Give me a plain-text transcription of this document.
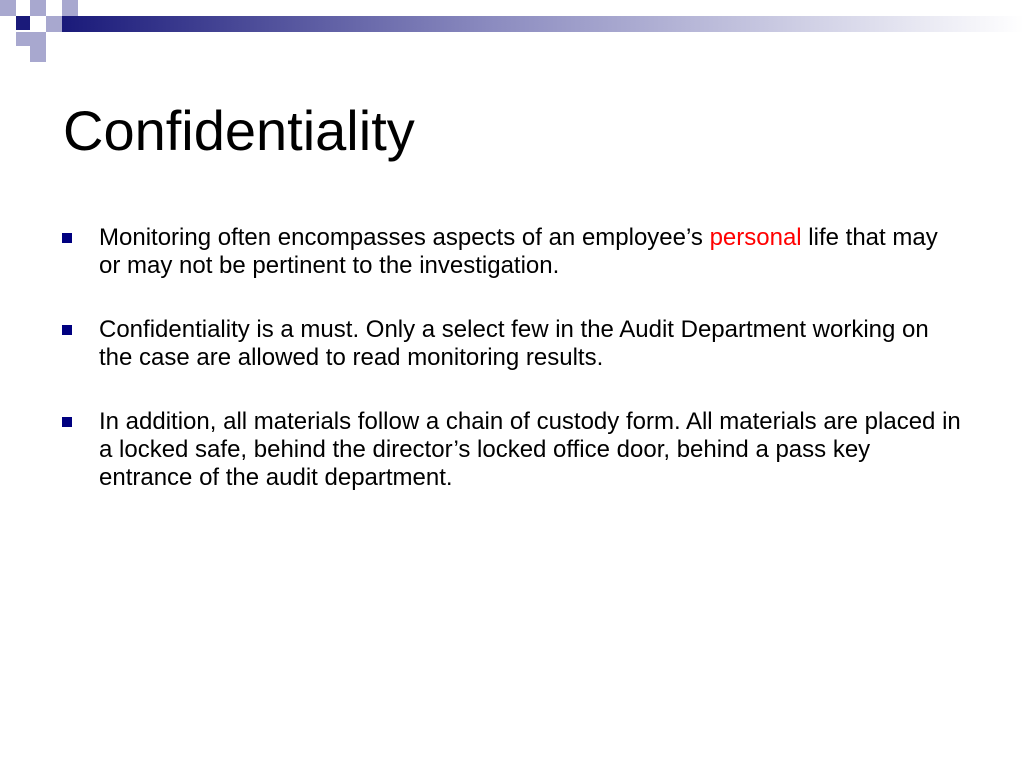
Confidentiality
Monitoring often encompasses aspects of an employee’s personal life that may or may not be pertinent to the investigation.
Confidentiality is a must. Only a select few in the Audit Department working on the case are allowed to read monitoring results.
In addition, all materials follow a chain of custody form. All materials are placed in a locked safe, behind the director’s locked office door, behind a pass key entrance of the audit department.
